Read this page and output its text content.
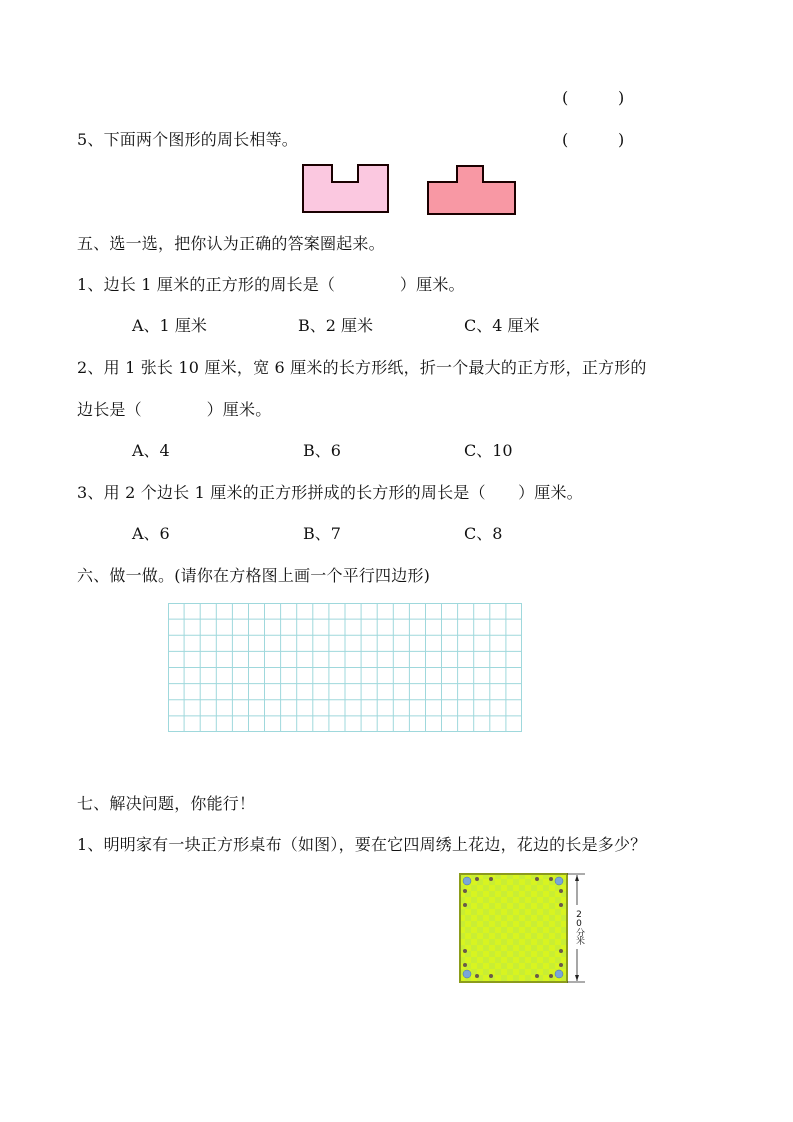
(	)
5、下面两个图形的周长相等。	(	)
五、选一选，把你认为正确的答案圈起来。
1、边长 1 厘米的正方形的周长是（　　　　）厘米。
A、1 厘米	B、2 厘米	C、4 厘米
2、用 1 张长 10 厘米，宽 6 厘米的长方形纸，折一个最大的正方形，正方形的
边长是（　　　　）厘米。
A、4	B、6	C、10
3、用 2 个边长 1 厘米的正方形拼成的长方形的周长是（　　）厘米。
A、6	B、7	C、8
六、做一做。(请你在方格图上画一个平行四边形)
七、解决问题，你能行！
1、明明家有一块正方形桌布（如图），要在它四周绣上花边，花边的长是多少？
20分米
